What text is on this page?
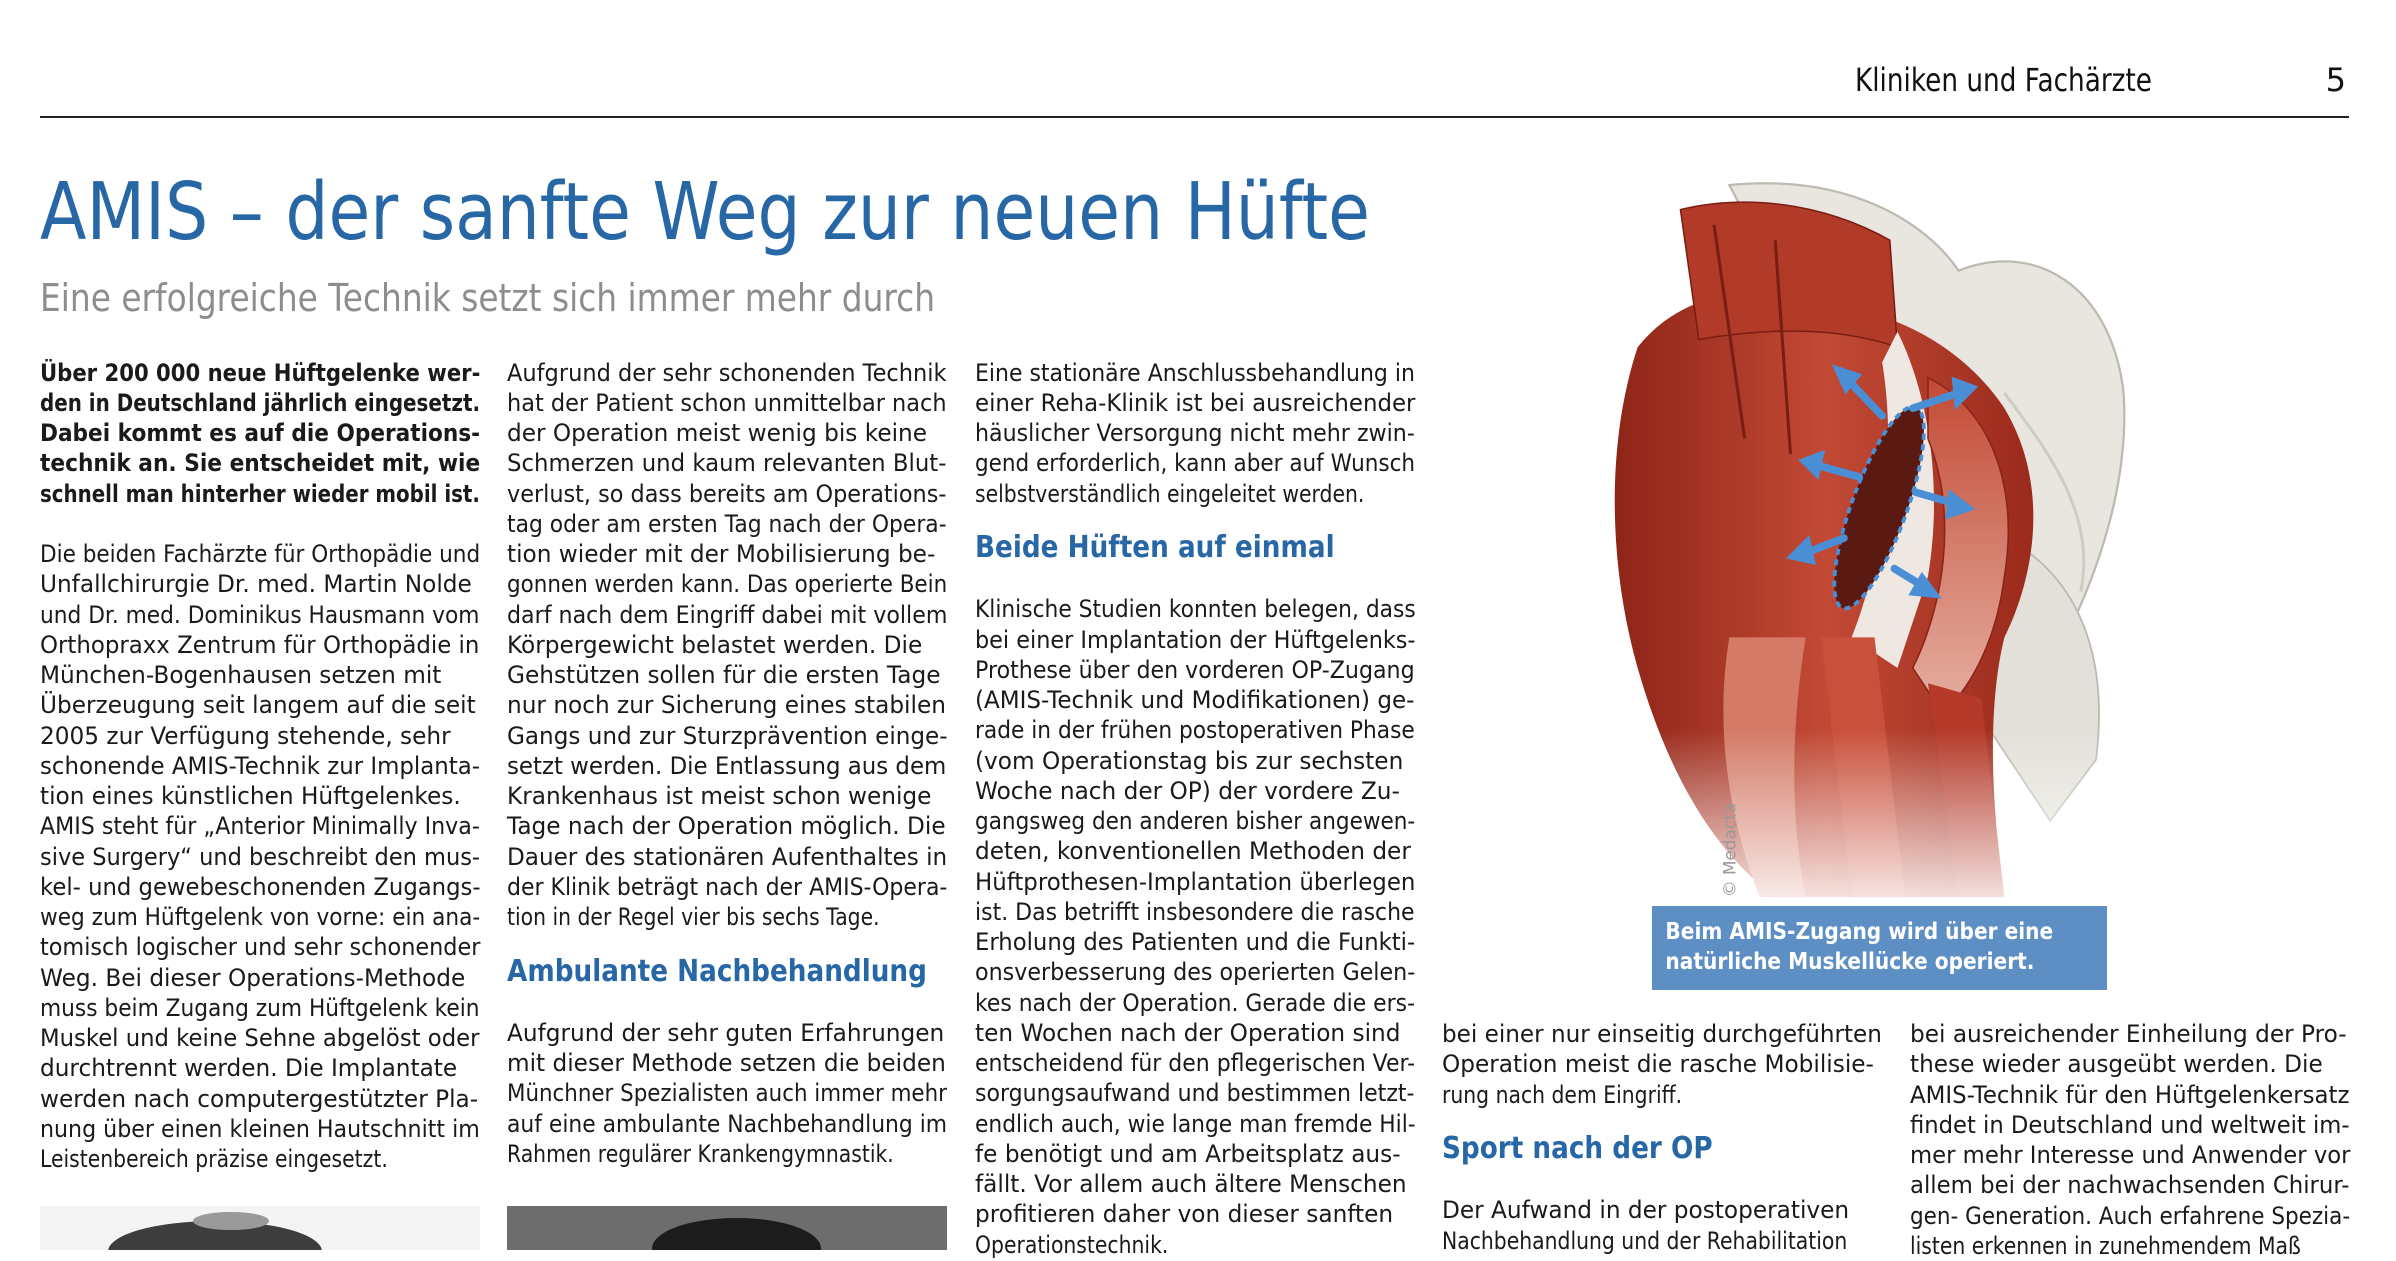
Kliniken und Fachärzte	5
AMIS – der sanfte Weg zur neuen Hüfte
Eine erfolgreiche Technik setzt sich immer mehr durch
Über 200 000 neue Hüftgelenke wer-
den in Deutschland jährlich eingesetzt.
Dabei kommt es auf die Operations-
technik an. Sie entscheidet mit, wie
schnell man hinterher wieder mobil ist.
Die beiden Fachärzte für Orthopädie und
Unfallchirurgie Dr. med. Martin Nolde
und Dr. med. Dominikus Hausmann vom
Orthopraxx Zentrum für Orthopädie in
München-Bogenhausen setzen mit
Überzeugung seit langem auf die seit
2005 zur Verfügung stehende, sehr
schonende AMIS-Technik zur Implanta-
tion eines künstlichen Hüftgelenkes.
AMIS steht für „Anterior Minimally Inva-
sive Surgery“ und beschreibt den mus-
kel- und gewebeschonenden Zugangs-
weg zum Hüftgelenk von vorne: ein ana-
tomisch logischer und sehr schonender
Weg. Bei dieser Operations-Methode
muss beim Zugang zum Hüftgelenk kein
Muskel und keine Sehne abgelöst oder
durchtrennt werden. Die Implantate
werden nach computergestützter Pla-
nung über einen kleinen Hautschnitt im
Leistenbereich präzise eingesetzt.
Aufgrund der sehr schonenden Technik
hat der Patient schon unmittelbar nach
der Operation meist wenig bis keine
Schmerzen und kaum relevanten Blut-
verlust, so dass bereits am Operations-
tag oder am ersten Tag nach der Opera-
tion wieder mit der Mobilisierung be-
gonnen werden kann. Das operierte Bein
darf nach dem Eingriff dabei mit vollem
Körpergewicht belastet werden. Die
Gehstützen sollen für die ersten Tage
nur noch zur Sicherung eines stabilen
Gangs und zur Sturzprävention einge-
setzt werden. Die Entlassung aus dem
Krankenhaus ist meist schon wenige
Tage nach der Operation möglich. Die
Dauer des stationären Aufenthaltes in
der Klinik beträgt nach der AMIS-Opera-
tion in der Regel vier bis sechs Tage.
Ambulante Nachbehandlung
Aufgrund der sehr guten Erfahrungen
mit dieser Methode setzen die beiden
Münchner Spezialisten auch immer mehr
auf eine ambulante Nachbehandlung im
Rahmen regulärer Krankengymnastik.
Eine stationäre Anschlussbehandlung in
einer Reha-Klinik ist bei ausreichender
häuslicher Versorgung nicht mehr zwin-
gend erforderlich, kann aber auf Wunsch
selbstverständlich eingeleitet werden.
Beide Hüften auf einmal
Klinische Studien konnten belegen, dass
bei einer Implantation der Hüftgelenks-
Prothese über den vorderen OP-Zugang
(AMIS-Technik und Modifikationen) ge-
rade in der frühen postoperativen Phase
(vom Operationstag bis zur sechsten
Woche nach der OP) der vordere Zu-
gangsweg den anderen bisher angewen-
deten, konventionellen Methoden der
Hüftprothesen-Implantation überlegen
ist. Das betrifft insbesondere die rasche
Erholung des Patienten und die Funkti-
onsverbesserung des operierten Gelen-
kes nach der Operation. Gerade die ers-
ten Wochen nach der Operation sind
entscheidend für den pflegerischen Ver-
sorgungsaufwand und bestimmen letzt-
endlich auch, wie lange man fremde Hil-
fe benötigt und am Arbeitsplatz aus-
fällt. Vor allem auch ältere Menschen
profitieren daher von dieser sanften
Operationstechnik.
bei einer nur einseitig durchgeführten
Operation meist die rasche Mobilisie-
rung nach dem Eingriff.
Sport nach der OP
Der Aufwand in der postoperativen
Nachbehandlung und der Rehabilitation
bei ausreichender Einheilung der Pro-
these wieder ausgeübt werden. Die
AMIS-Technik für den Hüftgelenkersatz
findet in Deutschland und weltweit im-
mer mehr Interesse und Anwender vor
allem bei der nachwachsenden Chirur-
gen- Generation. Auch erfahrene Spezia-
listen erkennen in zunehmendem Maß
© Medacta
Beim AMIS-Zugang wird über eine
natürliche Muskellücke operiert.
